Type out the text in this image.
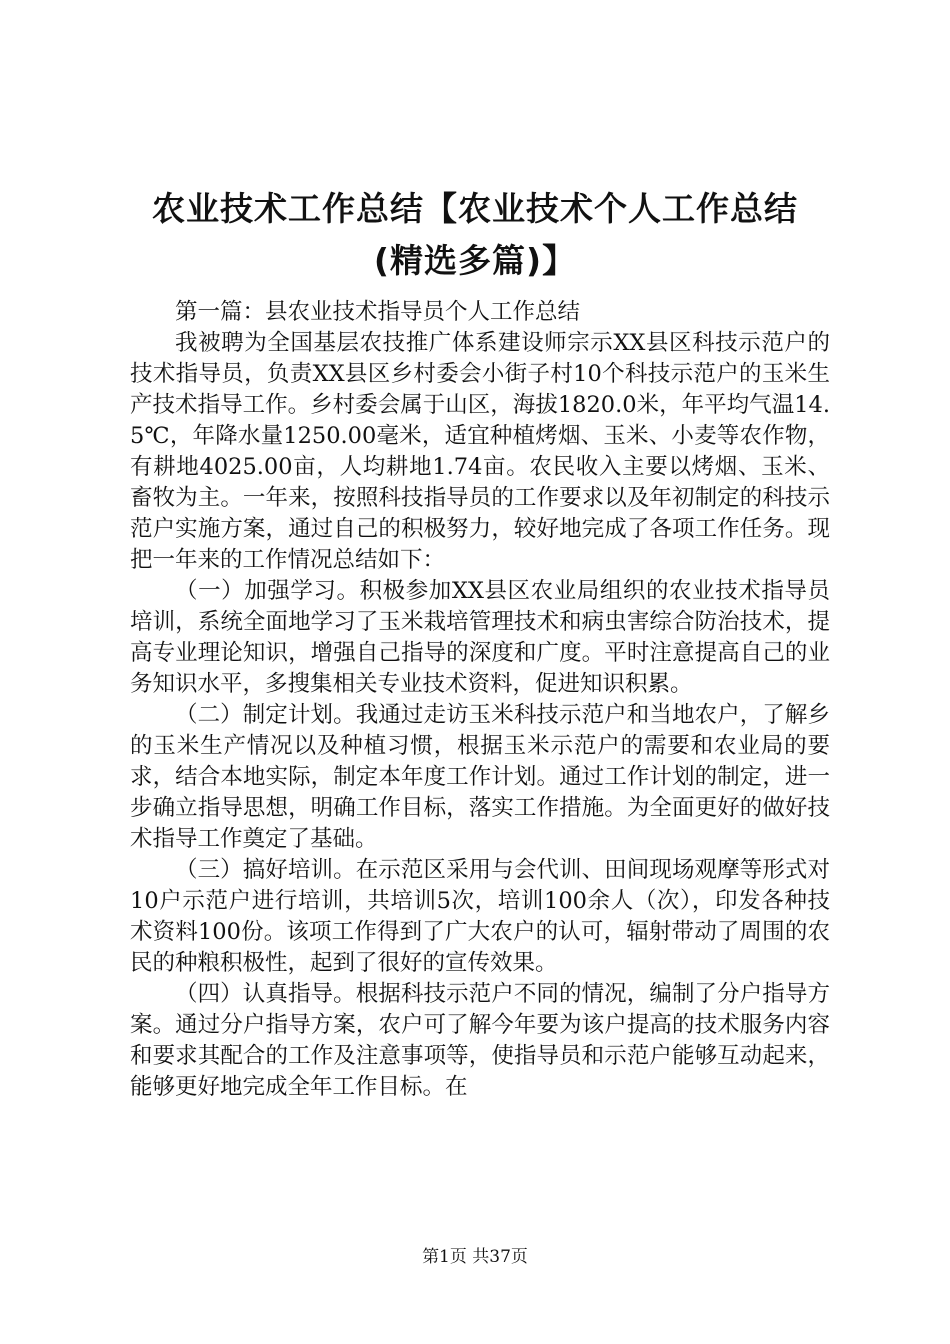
农业技术工作总结【农业技术个人工作总结
(精选多篇)】

第一篇：县农业技术指导员个人工作总结

我被聘为全国基层农技推广体系建设师宗示XX县区科技示范户的技术指导员，负责XX县区乡村委会小街子村10个科技示范户的玉米生产技术指导工作。乡村委会属于山区，海拔1820.0米，年平均气温14.5℃，年降水量1250.00毫米，适宜种植烤烟、玉米、小麦等农作物，有耕地4025.00亩，人均耕地1.74亩。农民收入主要以烤烟、玉米、畜牧为主。一年来，按照科技指导员的工作要求以及年初制定的科技示范户实施方案，通过自己的积极努力，较好地完成了各项工作任务。现把一年来的工作情况总结如下：

（一）加强学习。积极参加XX县区农业局组织的农业技术指导员培训，系统全面地学习了玉米栽培管理技术和病虫害综合防治技术，提高专业理论知识，增强自己指导的深度和广度。平时注意提高自己的业务知识水平，多搜集相关专业技术资料，促进知识积累。

（二）制定计划。我通过走访玉米科技示范户和当地农户，了解乡的玉米生产情况以及种植习惯，根据玉米示范户的需要和农业局的要求，结合本地实际，制定本年度工作计划。通过工作计划的制定，进一步确立指导思想，明确工作目标，落实工作措施。为全面更好的做好技术指导工作奠定了基础。

（三）搞好培训。在示范区采用与会代训、田间现场观摩等形式对10户示范户进行培训，共培训5次，培训100余人（次），印发各种技术资料100份。该项工作得到了广大农户的认可，辐射带动了周围的农民的种粮积极性，起到了很好的宣传效果。

（四）认真指导。根据科技示范户不同的情况，编制了分户指导方案。通过分户指导方案，农户可了解今年要为该户提高的技术服务内容和要求其配合的工作及注意事项等，使指导员和示范户能够互动起来，能够更好地完成全年工作目标。在

第1页 共37页
